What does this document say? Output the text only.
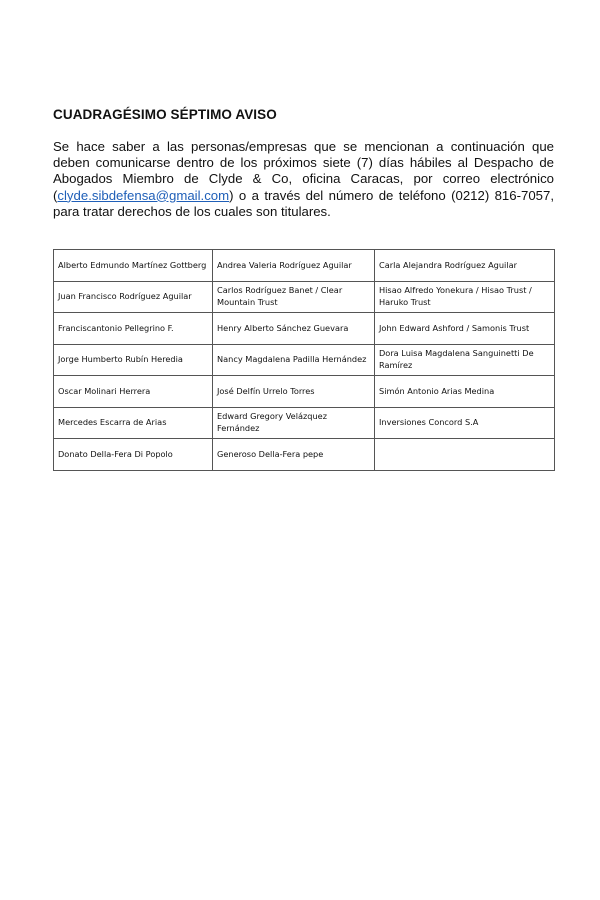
CUADRAGÉSIMO SÉPTIMO AVISO

Se hace saber a las personas/empresas que se mencionan a continuación que deben comunicarse dentro de los próximos siete (7) días hábiles al Despacho de Abogados Miembro de Clyde & Co, oficina Caracas, por correo electrónico (clyde.sibdefensa@gmail.com) o a través del número de teléfono (0212) 816-7057, para tratar derechos de los cuales son titulares.

Alberto Edmundo Martínez Gottberg	Andrea Valeria Rodríguez Aguilar	Carla Alejandra Rodríguez Aguilar
Juan Francisco Rodríguez Aguilar	Carlos Rodríguez Banet / Clear Mountain Trust	Hisao Alfredo Yonekura / Hisao Trust / Haruko Trust
Franciscantonio Pellegrino F.	Henry Alberto Sánchez Guevara	John Edward Ashford / Samonis Trust
Jorge Humberto Rubín Heredia	Nancy Magdalena Padilla Hernández	Dora Luisa Magdalena Sanguinetti De Ramírez
Oscar Molinari Herrera	José Delfín Urrelo Torres	Simón Antonio Arias Medina
Mercedes Escarra de Arias	Edward Gregory Velázquez Fernández	Inversiones Concord S.A
Donato Della-Fera Di Popolo	Generoso Della-Fera pepe	
